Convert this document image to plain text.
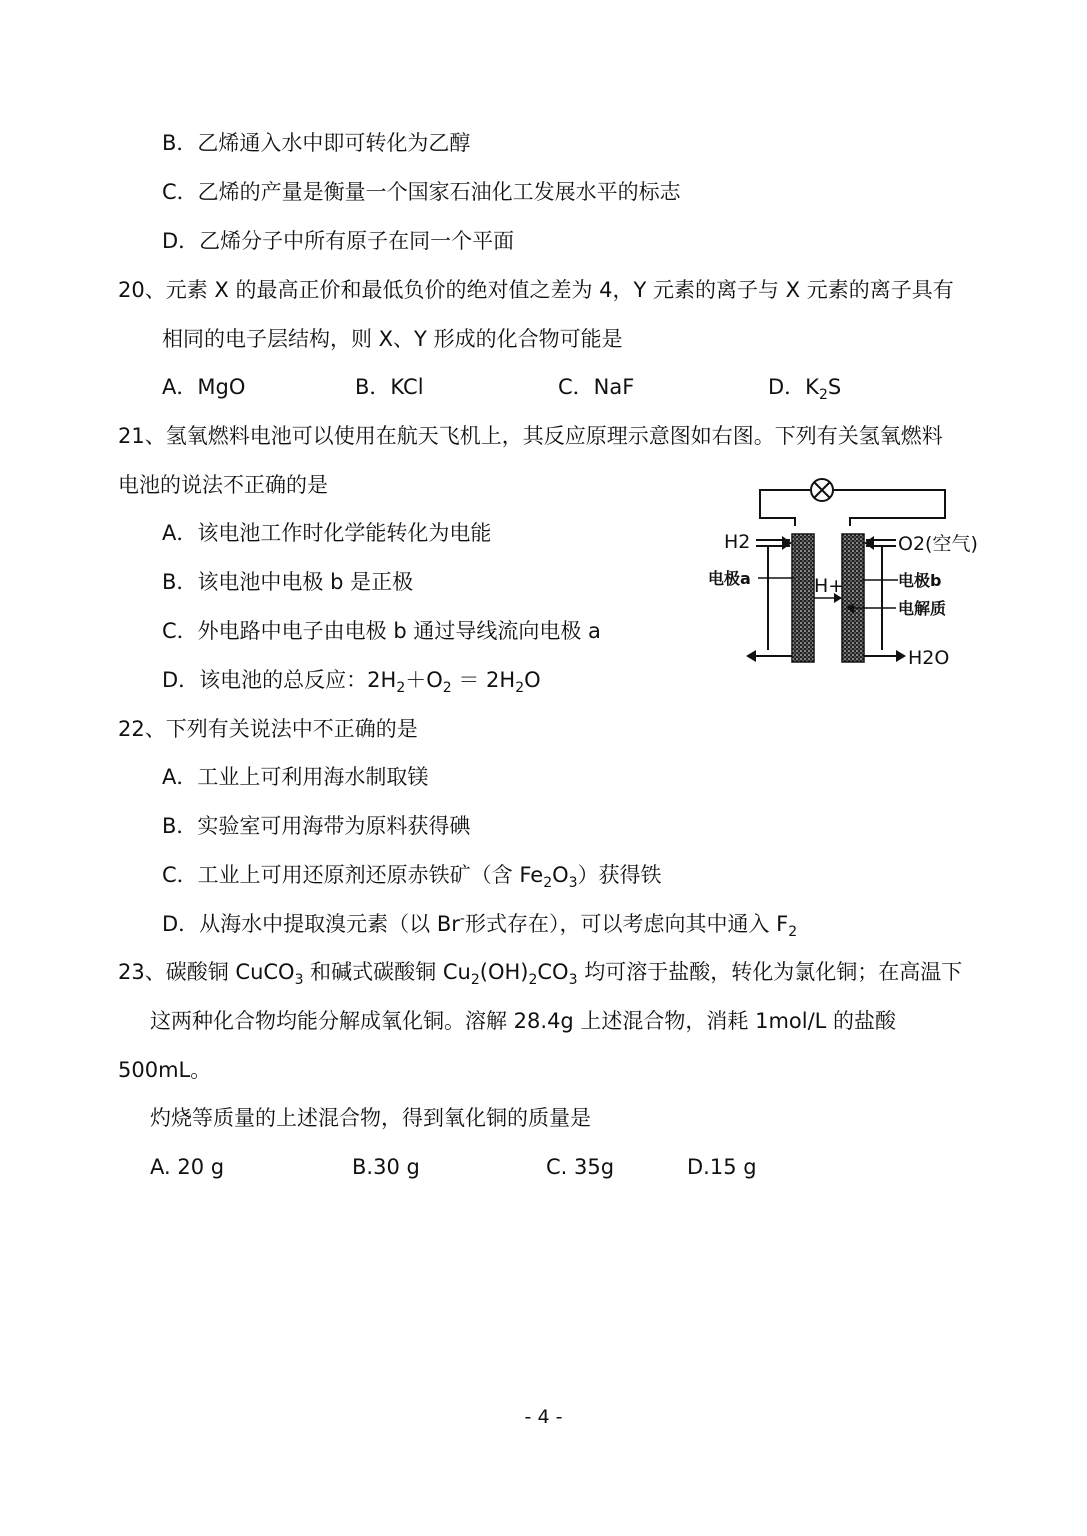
B．乙烯通入水中即可转化为乙醇
C．乙烯的产量是衡量一个国家石油化工发展水平的标志
D．乙烯分子中所有原子在同一个平面
20、元素 X 的最高正价和最低负价的绝对值之差为 4，Y 元素的离子与 X 元素的离子具有
相同的电子层结构，则 X、Y 形成的化合物可能是
A．MgO	B．KCl	C．NaF	D．$K_2S$
21、氢氧燃料电池可以使用在航天飞机上，其反应原理示意图如右图。下列有关氢氧燃料
电池的说法不正确的是
A．该电池工作时化学能转化为电能
B．该电池中电极 b 是正极
C．外电路中电子由电极 b 通过导线流向电极 a
D．该电池的总反应：$2H_2+O_2 = 2H_2O$
H2	O2(空气)
电极a	电极b
H+
电解质
H2O
22、下列有关说法中不正确的是
A．工业上可利用海水制取镁
B．实验室可用海带为原料获得碘
C．工业上可用还原剂还原赤铁矿（含 $Fe_2O_3$）获得铁
D．从海水中提取溴元素（以 Br-形式存在），可以考虑向其中通入 $F_2$
23、碳酸铜 CuCO$_3$ 和碱式碳酸铜 $Cu_2(OH)_2CO_3$ 均可溶于盐酸，转化为氯化铜；在高温下
这两种化合物均能分解成氧化铜。溶解 28.4g 上述混合物，消耗 1mol/L 的盐酸
500mL。
灼烧等质量的上述混合物，得到氧化铜的质量是
A. 20 g	B.30 g	C. 35g	D.15 g
- 4 -
